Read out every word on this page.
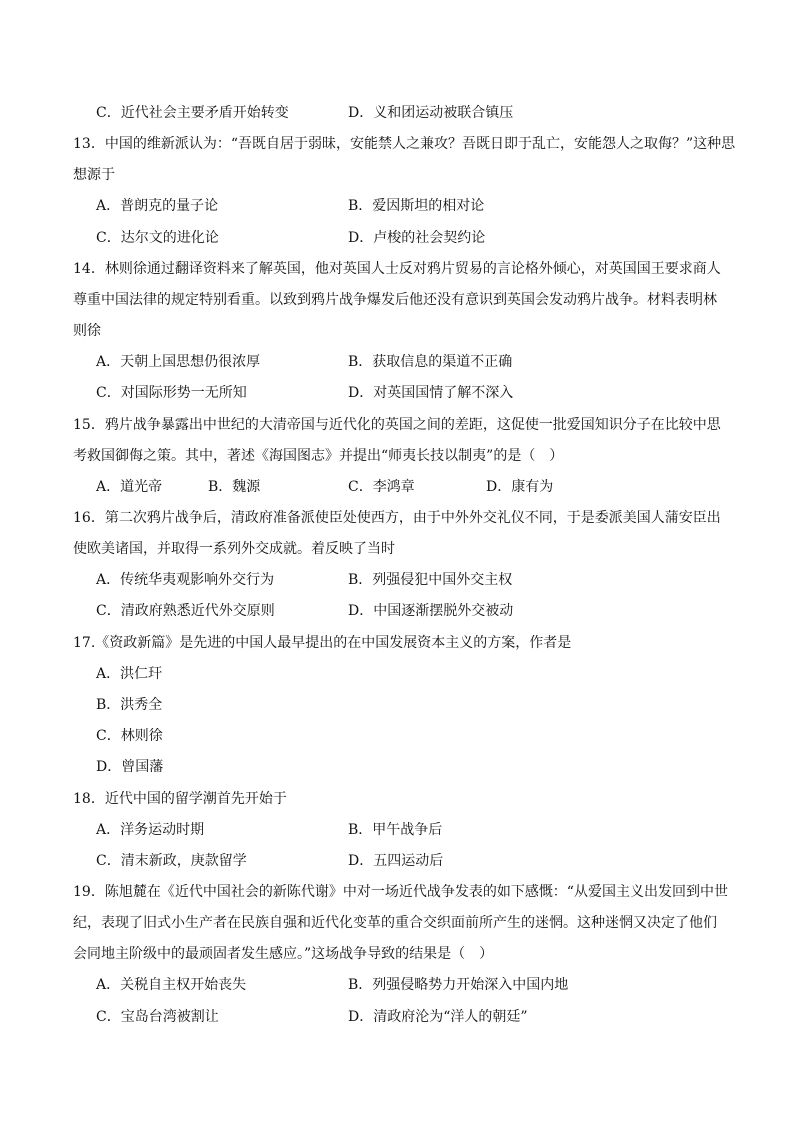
C．近代社会主要矛盾开始转变	D．义和团运动被联合镇压
13．中国的维新派认为：“吾既自居于弱昧，安能禁人之兼攻？吾既日即于乱亡，安能怨人之取侮？”这种思
想源于
A．普朗克的量子论	B．爱因斯坦的相对论
C．达尔文的进化论	D．卢梭的社会契约论
14．林则徐通过翻译资料来了解英国，他对英国人士反对鸦片贸易的言论格外倾心，对英国国王要求商人
尊重中国法律的规定特别看重。以致到鸦片战争爆发后他还没有意识到英国会发动鸦片战争。材料表明林
则徐
A．天朝上国思想仍很浓厚	B．获取信息的渠道不正确
C．对国际形势一无所知	D．对英国国情了解不深入
15．鸦片战争暴露出中世纪的大清帝国与近代化的英国之间的差距，这促使一批爱国知识分子在比较中思
考救国御侮之策。其中，著述《海国图志》并提出“师夷长技以制夷”的是（　）
A．道光帝	B．魏源	C．李鸿章	D．康有为
16．第二次鸦片战争后，清政府准备派使臣处使西方，由于中外外交礼仪不同，于是委派美国人蒲安臣出
使欧美诸国，并取得一系列外交成就。着反映了当时
A．传统华夷观影响外交行为	B．列强侵犯中国外交主权
C．清政府熟悉近代外交原则	D．中国逐渐摆脱外交被动
17.《资政新篇》是先进的中国人最早提出的在中国发展资本主义的方案，作者是
A．洪仁玕
B．洪秀全
C．林则徐
D．曾国藩
18．近代中国的留学潮首先开始于
A．洋务运动时期	B．甲午战争后
C．清末新政，庚款留学	D．五四运动后
19．陈旭麓在《近代中国社会的新陈代谢》中对一场近代战争发表的如下感慨：“从爱国主义出发回到中世
纪，表现了旧式小生产者在民族自强和近代化变革的重合交织面前所产生的迷惘。这种迷惘又决定了他们
会同地主阶级中的最顽固者发生感应。”这场战争导致的结果是（　）
A．关税自主权开始丧失	B．列强侵略势力开始深入中国内地
C．宝岛台湾被割让	D．清政府沦为“洋人的朝廷”
